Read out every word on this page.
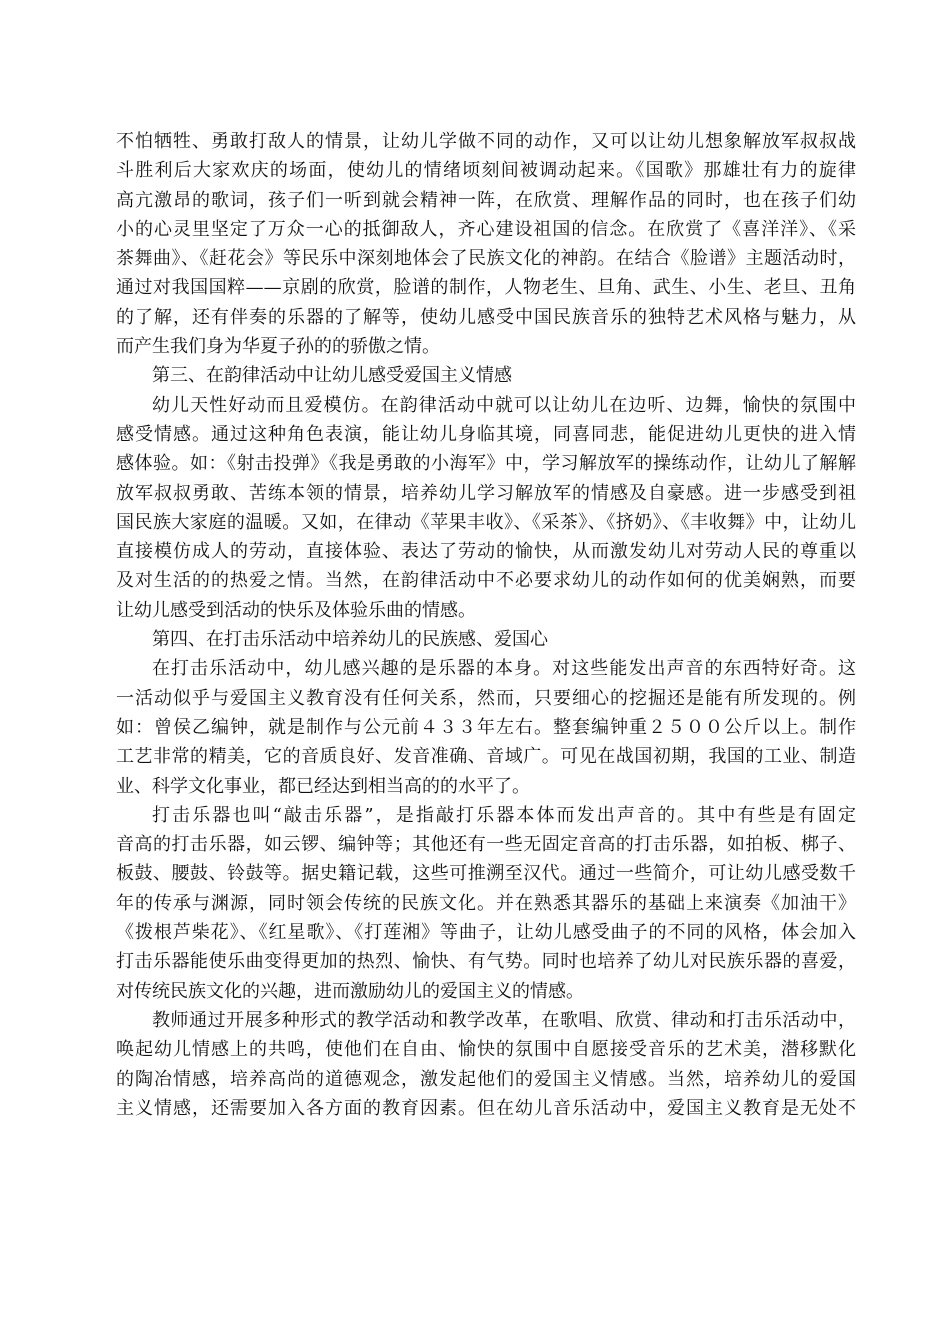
不怕牺牲、勇敢打敌人的情景，让幼儿学做不同的动作，又可以让幼儿想象解放军叔叔战
斗胜利后大家欢庆的场面，使幼儿的情绪顷刻间被调动起来。《国歌》那雄壮有力的旋律
高亢激昂的歌词，孩子们一听到就会精神一阵，在欣赏、理解作品的同时，也在孩子们幼
小的心灵里坚定了万众一心的抵御敌人，齐心建设祖国的信念。在欣赏了《喜洋洋》、《采
茶舞曲》、《赶花会》等民乐中深刻地体会了民族文化的神韵。在结合《脸谱》主题活动时，
通过对我国国粹——京剧的欣赏，脸谱的制作，人物老生、旦角、武生、小生、老旦、丑角
的了解，还有伴奏的乐器的了解等，使幼儿感受中国民族音乐的独特艺术风格与魅力，从
而产生我们身为华夏子孙的的骄傲之情。
第三、在韵律活动中让幼儿感受爱国主义情感
幼儿天性好动而且爱模仿。在韵律活动中就可以让幼儿在边听、边舞，愉快的氛围中
感受情感。通过这种角色表演，能让幼儿身临其境，同喜同悲，能促进幼儿更快的进入情
感体验。如：《射击投弹》《我是勇敢的小海军》中，学习解放军的操练动作，让幼儿了解解
放军叔叔勇敢、苦练本领的情景，培养幼儿学习解放军的情感及自豪感。进一步感受到祖
国民族大家庭的温暖。又如，在律动《苹果丰收》、《采茶》、《挤奶》、《丰收舞》中，让幼儿
直接模仿成人的劳动，直接体验、表达了劳动的愉快，从而激发幼儿对劳动人民的尊重以
及对生活的的热爱之情。当然，在韵律活动中不必要求幼儿的动作如何的优美娴熟，而要
让幼儿感受到活动的快乐及体验乐曲的情感。
第四、在打击乐活动中培养幼儿的民族感、爱国心
在打击乐活动中，幼儿感兴趣的是乐器的本身。对这些能发出声音的东西特好奇。这
一活动似乎与爱国主义教育没有任何关系，然而，只要细心的挖掘还是能有所发现的。例
如：曾侯乙编钟，就是制作与公元前４３３年左右。整套编钟重２５００公斤以上。制作
工艺非常的精美，它的音质良好、发音准确、音域广。可见在战国初期，我国的工业、制造
业、科学文化事业，都已经达到相当高的的水平了。
打击乐器也叫“敲击乐器”，是指敲打乐器本体而发出声音的。其中有些是有固定
音高的打击乐器，如云锣、编钟等；其他还有一些无固定音高的打击乐器，如拍板、梆子、
板鼓、腰鼓、铃鼓等。据史籍记载，这些可推溯至汉代。通过一些简介，可让幼儿感受数千
年的传承与渊源，同时领会传统的民族文化。并在熟悉其器乐的基础上来演奏《加油干》
《拨根芦柴花》、《红星歌》、《打莲湘》等曲子，让幼儿感受曲子的不同的风格，体会加入
打击乐器能使乐曲变得更加的热烈、愉快、有气势。同时也培养了幼儿对民族乐器的喜爱，
对传统民族文化的兴趣，进而激励幼儿的爱国主义的情感。
教师通过开展多种形式的教学活动和教学改革，在歌唱、欣赏、律动和打击乐活动中，
唤起幼儿情感上的共鸣，使他们在自由、愉快的氛围中自愿接受音乐的艺术美，潜移默化
的陶冶情感，培养高尚的道德观念，激发起他们的爱国主义情感。当然，培养幼儿的爱国
主义情感，还需要加入各方面的教育因素。但在幼儿音乐活动中，爱国主义教育是无处不
